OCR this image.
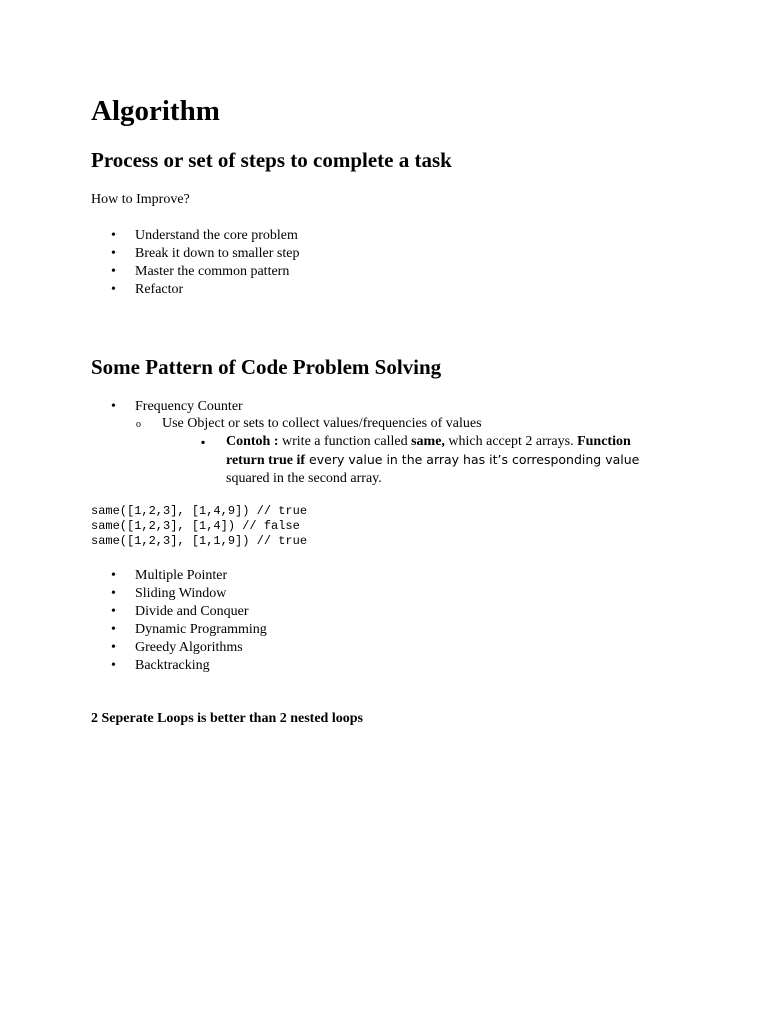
Algorithm
Process or set of steps to complete a task
How to Improve?
• Understand the core problem
• Break it down to smaller step
• Master the common pattern
• Refactor
Some Pattern of Code Problem Solving
• Frequency Counter
o Use Object or sets to collect values/frequencies of values
▪ Contoh : write a function called same, which accept 2 arrays. Function return true if every value in the array has it’s corresponding value
squared in the second array.
same([1,2,3], [1,4,9]) // true
same([1,2,3], [1,4]) // false
same([1,2,3], [1,1,9]) // true
• Multiple Pointer
• Sliding Window
• Divide and Conquer
• Dynamic Programming
• Greedy Algorithms
• Backtracking
2 Seperate Loops is better than 2 nested loops
